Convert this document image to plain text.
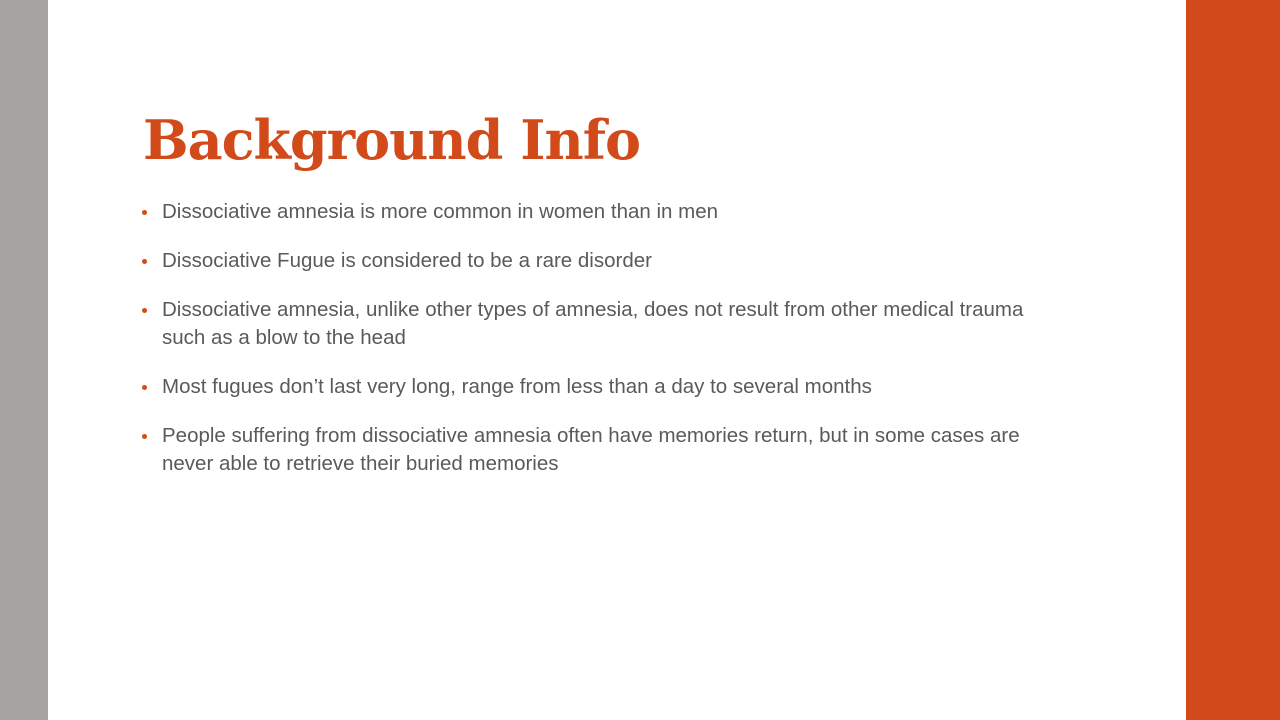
Background Info
Dissociative amnesia is more common in women than in men
Dissociative Fugue is considered to be a rare disorder
Dissociative amnesia, unlike other types of amnesia, does not result from other medical trauma such as a blow to the head
Most fugues don’t last very long, range from less than a day to several months
People suffering from dissociative amnesia often have memories return, but in some cases are never able to retrieve their buried memories
